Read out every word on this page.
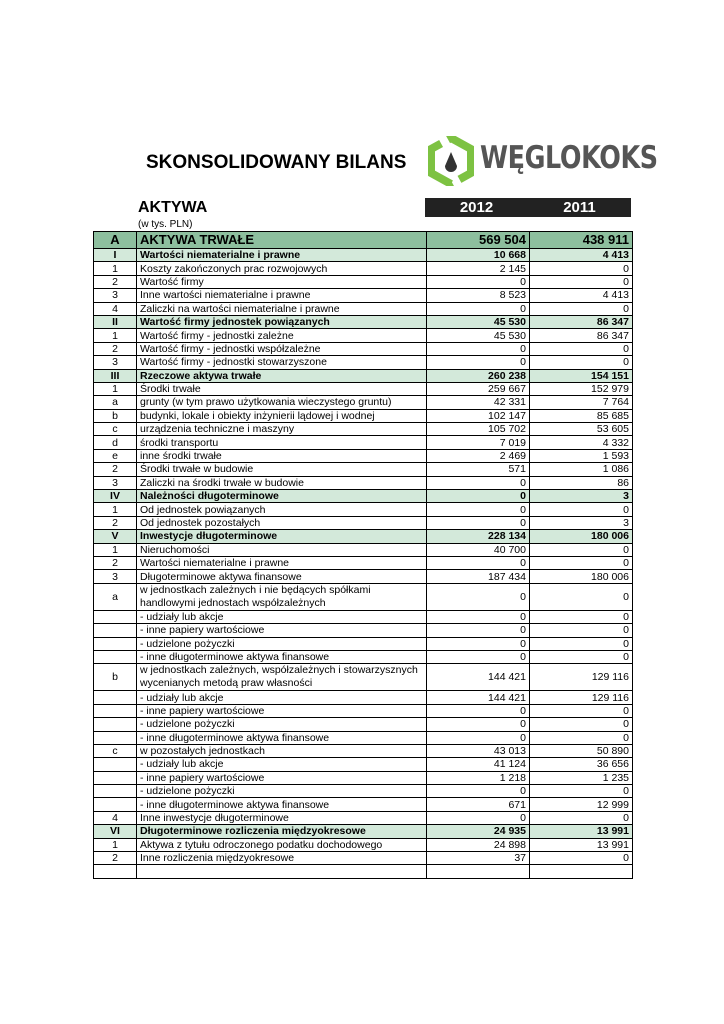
SKONSOLIDOWANY BILANS WĘGLOKOKS
AKTYWA
(w tys. PLN)
2012	2011
A	AKTYWA TRWAŁE	569 504	438 911
I	Wartości niematerialne i prawne	10 668	4 413
1	Koszty zakończonych prac rozwojowych	2 145	0
2	Wartość firmy	0	0
3	Inne wartości niematerialne i prawne	8 523	4 413
4	Zaliczki na wartości niematerialne i prawne	0	0
II	Wartość firmy jednostek powiązanych	45 530	86 347
1	Wartość firmy - jednostki zależne	45 530	86 347
2	Wartość firmy - jednostki współzależne	0	0
3	Wartość firmy - jednostki stowarzyszone	0	0
III	Rzeczowe aktywa trwałe	260 238	154 151
1	Środki trwałe	259 667	152 979
a	grunty (w tym prawo użytkowania wieczystego gruntu)	42 331	7 764
b	budynki, lokale i obiekty inżynierii lądowej i wodnej	102 147	85 685
c	urządzenia techniczne i maszyny	105 702	53 605
d	środki transportu	7 019	4 332
e	inne środki trwałe	2 469	1 593
2	Środki trwałe w budowie	571	1 086
3	Zaliczki na środki trwałe w budowie	0	86
IV	Należności długoterminowe	0	3
1	Od jednostek powiązanych	0	0
2	Od jednostek pozostałych	0	3
V	Inwestycje długoterminowe	228 134	180 006
1	Nieruchomości	40 700	0
2	Wartości niematerialne i prawne	0	0
3	Długoterminowe aktywa finansowe	187 434	180 006
a	w jednostkach zależnych i nie będących spółkami handlowymi jednostach współzależnych	0	0
	- udziały lub akcje	0	0
	- inne papiery wartościowe	0	0
	- udzielone pożyczki	0	0
	- inne długoterminowe aktywa finansowe	0	0
b	w jednostkach zależnych, współzależnych i stowarzysznych wycenianych metodą praw własności	144 421	129 116
	- udziały lub akcje	144 421	129 116
	- inne papiery wartościowe	0	0
	- udzielone pożyczki	0	0
	- inne długoterminowe aktywa finansowe	0	0
c	w pozostałych jednostkach	43 013	50 890
	- udziały lub akcje	41 124	36 656
	- inne papiery wartościowe	1 218	1 235
	- udzielone pożyczki	0	0
	- inne długoterminowe aktywa finansowe	671	12 999
4	Inne inwestycje długoterminowe	0	0
VI	Długoterminowe rozliczenia międzyokresowe	24 935	13 991
1	Aktywa z tytułu odroczonego podatku dochodowego	24 898	13 991
2	Inne rozliczenia międzyokresowe	37	0
